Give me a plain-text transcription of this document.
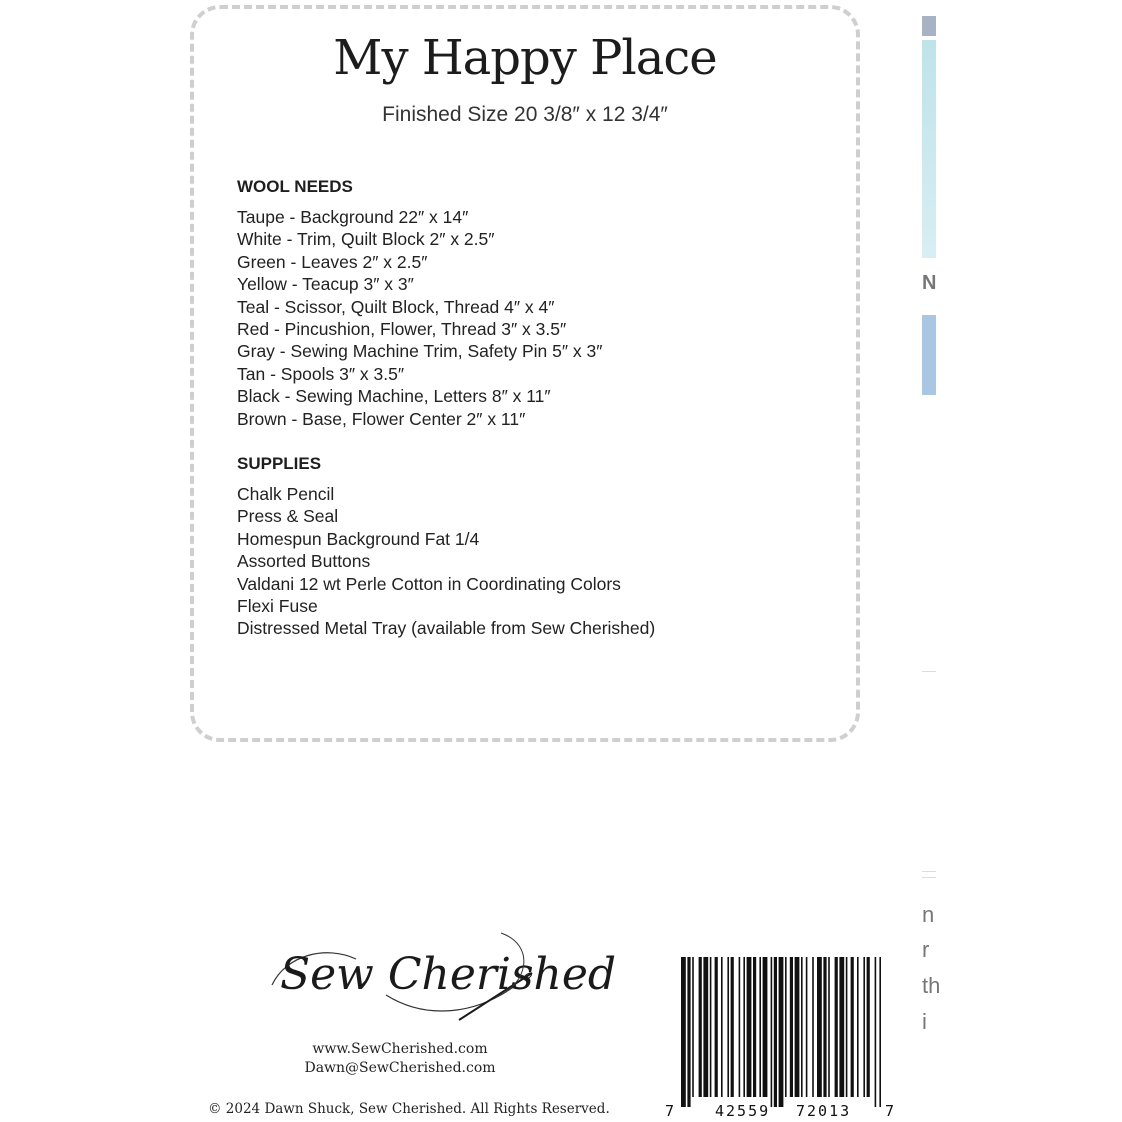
My Happy Place
Finished Size 20 3/8″ x 12 3/4″
WOOL NEEDS
Taupe - Background 22″ x 14″
White - Trim, Quilt Block 2″ x 2.5″
Green - Leaves 2″ x 2.5″
Yellow - Teacup 3″ x 3″
Teal - Scissor, Quilt Block, Thread 4″ x 4″
Red - Pincushion, Flower, Thread 3″ x 3.5″
Gray - Sewing Machine Trim, Safety Pin 5″ x 3″
Tan - Spools 3″ x 3.5″
Black - Sewing Machine, Letters 8″ x 11″
Brown - Base, Flower Center 2″ x 11″
SUPPLIES
Chalk Pencil
Press & Seal
Homespun Background Fat 1/4
Assorted Buttons
Valdani 12 wt Perle Cotton in Coordinating Colors
Flexi Fuse
Distressed Metal Tray (available from Sew Cherished)
N
n
r
th
i
Sew Cherished
www.SewCherished.com
Dawn@SewCherished.com
© 2024 Dawn Shuck, Sew Cherished. All Rights Reserved.	7	42559 72013 7
